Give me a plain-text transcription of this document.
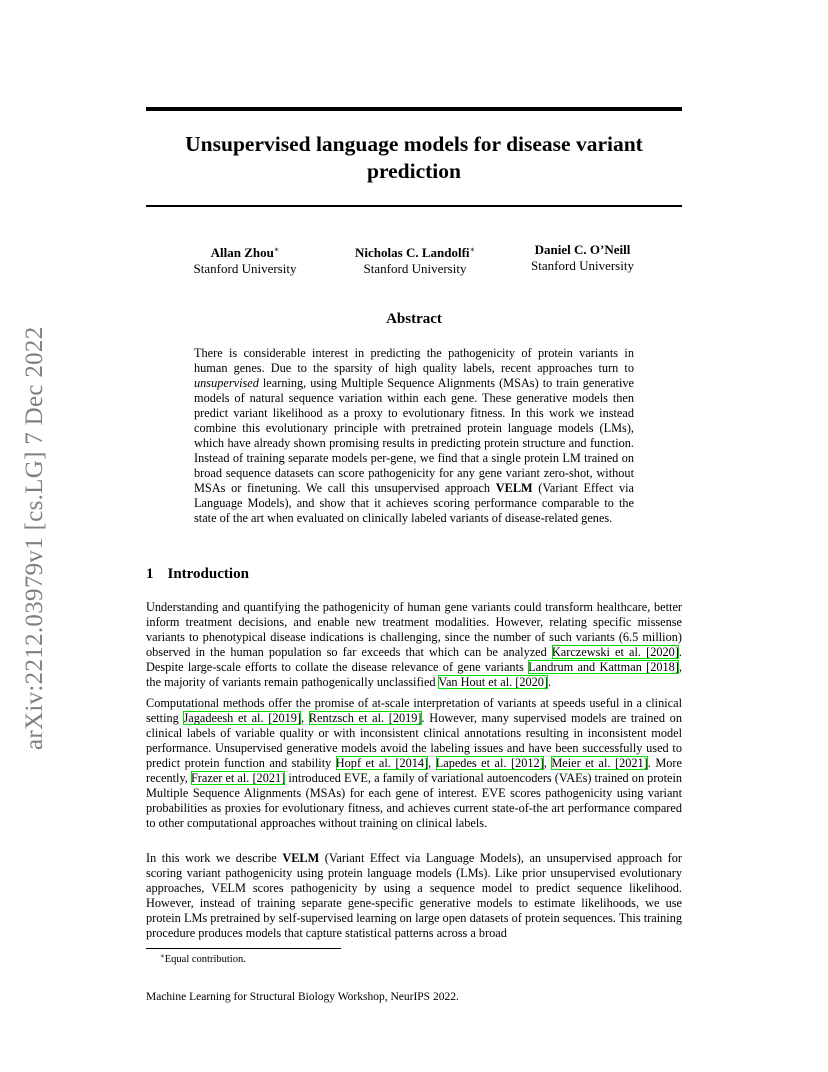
arXiv:2212.03979v1 [cs.LG] 7 Dec 2022
Unsupervised language models for disease variant prediction
Allan Zhou∗
Stanford University
Nicholas C. Landolfi∗
Stanford University
Daniel C. O’Neill
Stanford University
Abstract
There is considerable interest in predicting the pathogenicity of protein variants in human genes. Due to the sparsity of high quality labels, recent approaches turn to unsupervised learning, using Multiple Sequence Alignments (MSAs) to train generative models of natural sequence variation within each gene. These generative models then predict variant likelihood as a proxy to evolutionary fitness. In this work we instead combine this evolutionary principle with pretrained protein language models (LMs), which have already shown promising results in predicting protein structure and function. Instead of training separate models per-gene, we find that a single protein LM trained on broad sequence datasets can score pathogenicity for any gene variant zero-shot, without MSAs or finetuning. We call this unsupervised approach VELM (Variant Effect via Language Models), and show that it achieves scoring performance comparable to the state of the art when evaluated on clinically labeled variants of disease-related genes.
1 Introduction

Understanding and quantifying the pathogenicity of human gene variants could transform healthcare, better inform treatment decisions, and enable new treatment modalities. However, relating specific missense variants to phenotypical disease indications is challenging, since the number of such variants (6.5 million) observed in the human population so far exceeds that which can be analyzed Karczewski et al. [2020]. Despite large-scale efforts to collate the disease relevance of gene variants Landrum and Kattman [2018], the majority of variants remain pathogenically unclassified Van Hout et al. [2020].

Computational methods offer the promise of at-scale interpretation of variants at speeds useful in a clinical setting Jagadeesh et al. [2019], Rentzsch et al. [2019]. However, many supervised models are trained on clinical labels of variable quality or with inconsistent clinical annotations resulting in inconsistent model performance. Unsupervised generative models avoid the labeling issues and have been successfully used to predict protein function and stability Hopf et al. [2014], Lapedes et al. [2012], Meier et al. [2021]. More recently, Frazer et al. [2021] introduced EVE, a family of variational autoencoders (VAEs) trained on protein Multiple Sequence Alignments (MSAs) for each gene of interest. EVE scores pathogenicity using variant probabilities as proxies for evolutionary fitness, and achieves current state-of-the art performance compared to other computational approaches without training on clinical labels.

In this work we describe VELM (Variant Effect via Language Models), an unsupervised approach for scoring variant pathogenicity using protein language models (LMs). Like prior unsupervised evolutionary approaches, VELM scores pathogenicity by using a sequence model to predict sequence likelihood. However, instead of training separate gene-specific generative models to estimate likelihoods, we use protein LMs pretrained by self-supervised learning on large open datasets of protein sequences. This training procedure produces models that capture statistical patterns across a broad

∗Equal contribution.
Machine Learning for Structural Biology Workshop, NeurIPS 2022.
